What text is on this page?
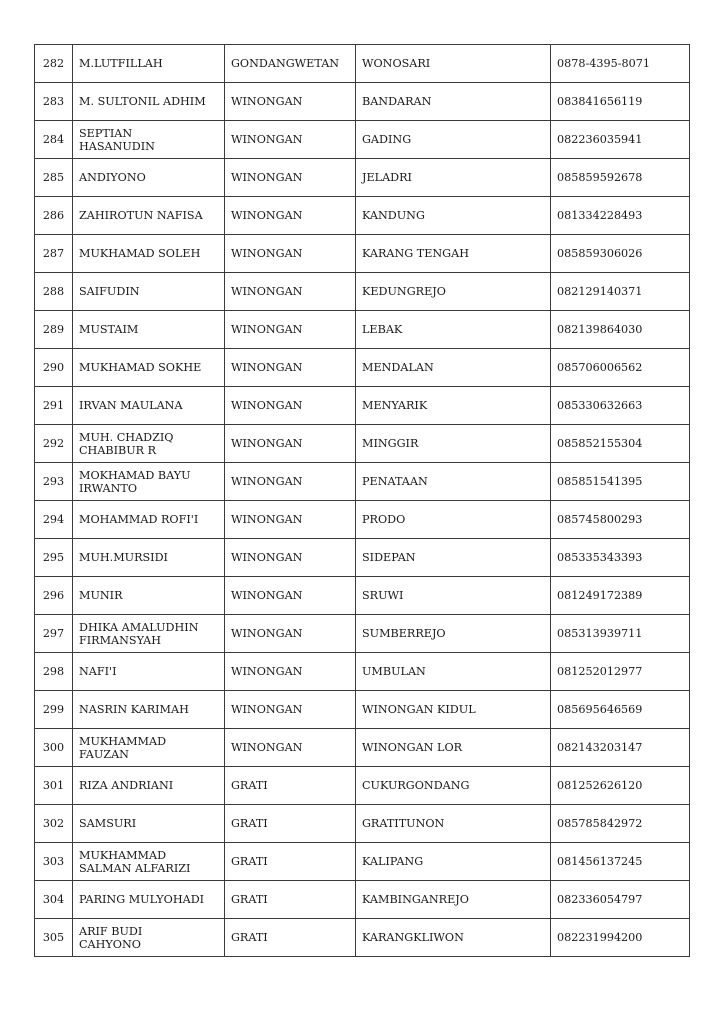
282	M.LUTFILLAH	GONDANGWETAN	WONOSARI	0878-4395-8071
283	M. SULTONIL ADHIM	WINONGAN	BANDARAN	083841656119
284	SEPTIAN
HASANUDIN	WINONGAN	GADING	082236035941
285	ANDIYONO	WINONGAN	JELADRI	085859592678
286	ZAHIROTUN NAFISA	WINONGAN	KANDUNG	081334228493
287	MUKHAMAD SOLEH	WINONGAN	KARANG TENGAH	085859306026
288	SAIFUDIN	WINONGAN	KEDUNGREJO	082129140371
289	MUSTAIM	WINONGAN	LEBAK	082139864030
290	MUKHAMAD SOKHE	WINONGAN	MENDALAN	085706006562
291	IRVAN MAULANA	WINONGAN	MENYARIK	085330632663
292	MUH. CHADZIQ
CHABIBUR R	WINONGAN	MINGGIR	085852155304
293	MOKHAMAD BAYU
IRWANTO	WINONGAN	PENATAAN	085851541395
294	MOHAMMAD ROFI'I	WINONGAN	PRODO	085745800293
295	MUH.MURSIDI	WINONGAN	SIDEPAN	085335343393
296	MUNIR	WINONGAN	SRUWI	081249172389
297	DHIKA AMALUDHIN
FIRMANSYAH	WINONGAN	SUMBERREJO	085313939711
298	NAFI'I	WINONGAN	UMBULAN	081252012977
299	NASRIN KARIMAH	WINONGAN	WINONGAN KIDUL	085695646569
300	MUKHAMMAD
FAUZAN	WINONGAN	WINONGAN LOR	082143203147
301	RIZA ANDRIANI	GRATI	CUKURGONDANG	081252626120
302	SAMSURI	GRATI	GRATITUNON	085785842972
303	MUKHAMMAD
SALMAN ALFARIZI	GRATI	KALIPANG	081456137245
304	PARING MULYOHADI	GRATI	KAMBINGANREJO	082336054797
305	ARIF BUDI
CAHYONO	GRATI	KARANGKLIWON	082231994200
